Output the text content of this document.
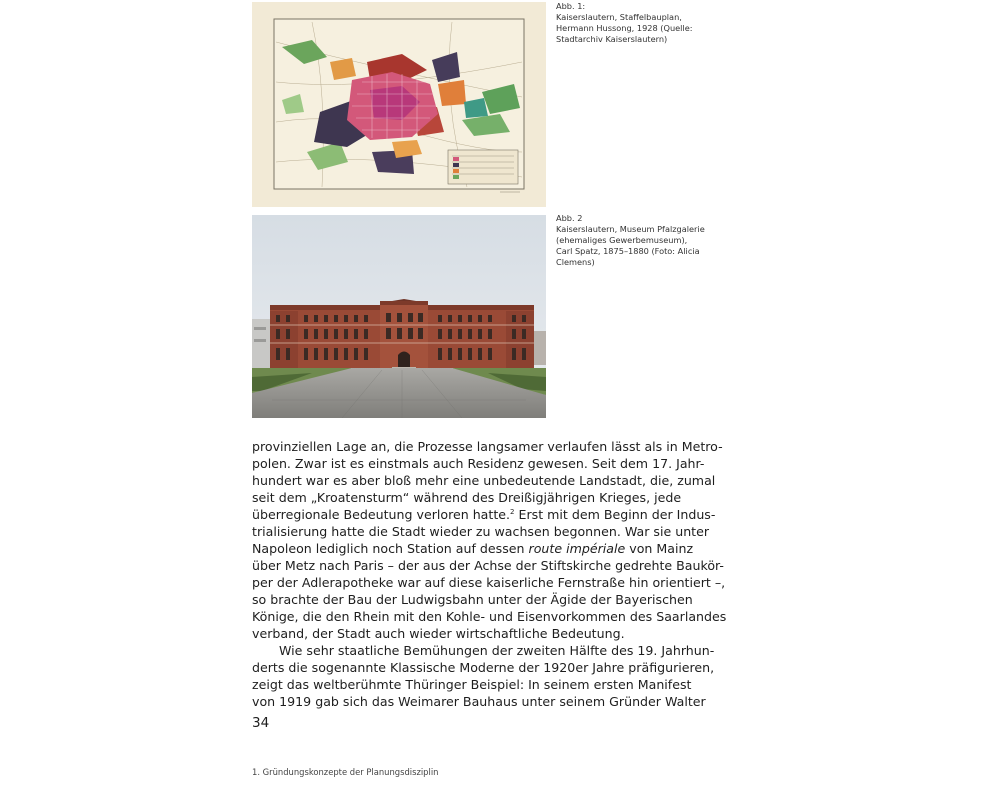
Abb. 1:
Kaiserslautern, Staffelbauplan, Hermann Hussong, 1928 (Quelle: Stadtarchiv Kaiserslautern)
Abb. 2
Kaiserslautern, Museum Pfalzgalerie (ehemaliges Gewerbemuseum), Carl Spatz, 1875–1880 (Foto: Alicia Clemens)
provinziellen Lage an, die Prozesse langsamer verlaufen lässt als in Metro-
polen. Zwar ist es einstmals auch Residenz gewesen. Seit dem 17. Jahr-
hundert war es aber bloß mehr eine unbedeutende Landstadt, die, zumal
seit dem „Kroatensturm“ während des Dreißigjährigen Krieges, jede
überregionale Bedeutung verloren hatte.$^2$ Erst mit dem Beginn der Indus-
trialisierung hatte die Stadt wieder zu wachsen begonnen. War sie unter
Napoleon lediglich noch Station auf dessen route impériale von Mainz
über Metz nach Paris – der aus der Achse der Stiftskirche gedrehte Baukör-
per der Adlerapotheke war auf diese kaiserliche Fernstraße hin orientiert –,
so brachte der Bau der Ludwigsbahn unter der Ägide der Bayerischen
Könige, die den Rhein mit den Kohle- und Eisenvorkommen des Saarlandes
verband, der Stadt auch wieder wirtschaftliche Bedeutung.
Wie sehr staatliche Bemühungen der zweiten Hälfte des 19. Jahrhun-
derts die sogenannte Klassische Moderne der 1920er Jahre präfigurieren,
zeigt das weltberühmte Thüringer Beispiel: In seinem ersten Manifest
von 1919 gab sich das Weimarer Bauhaus unter seinem Gründer Walter
34
1. Gründungskonzepte der Planungsdisziplin
